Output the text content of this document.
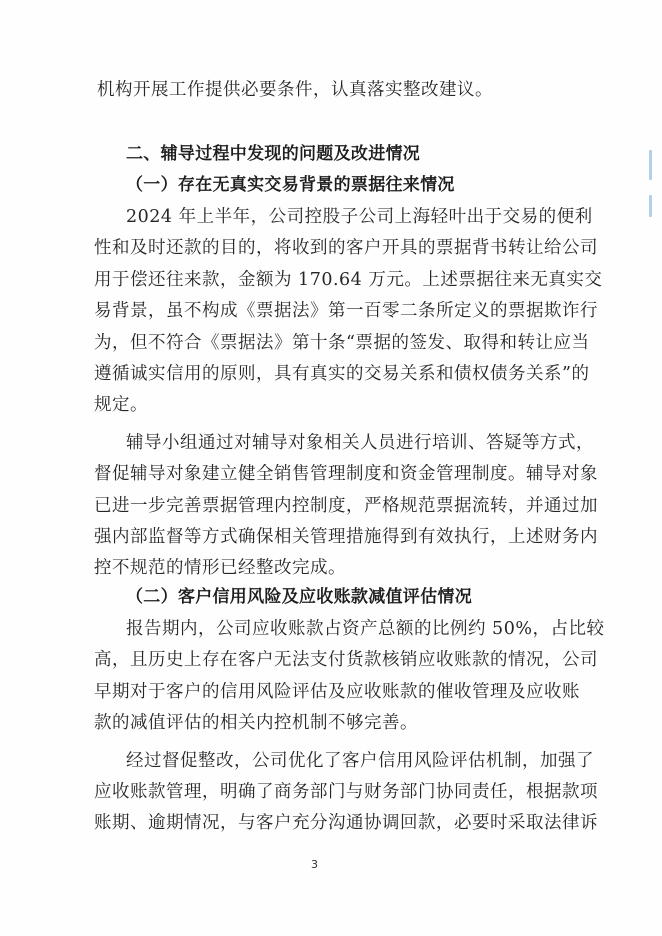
机构开展工作提供必要条件，认真落实整改建议。
二、辅导过程中发现的问题及改进情况
（一）存在无真实交易背景的票据往来情况
2024 年上半年，公司控股子公司上海轻叶出于交易的便利
性和及时还款的目的，将收到的客户开具的票据背书转让给公司
用于偿还往来款，金额为 170.64 万元。上述票据往来无真实交
易背景，虽不构成《票据法》第一百零二条所定义的票据欺诈行
为，但不符合《票据法》第十条“票据的签发、取得和转让应当
遵循诚实信用的原则，具有真实的交易关系和债权债务关系”的
规定。
辅导小组通过对辅导对象相关人员进行培训、答疑等方式，
督促辅导对象建立健全销售管理制度和资金管理制度。辅导对象
已进一步完善票据管理内控制度，严格规范票据流转，并通过加
强内部监督等方式确保相关管理措施得到有效执行，上述财务内
控不规范的情形已经整改完成。
（二）客户信用风险及应收账款减值评估情况
报告期内，公司应收账款占资产总额的比例约 50%，占比较
高，且历史上存在客户无法支付货款核销应收账款的情况，公司
早期对于客户的信用风险评估及应收账款的催收管理及应收账
款的减值评估的相关内控机制不够完善。
经过督促整改，公司优化了客户信用风险评估机制，加强了
应收账款管理，明确了商务部门与财务部门协同责任，根据款项
账期、逾期情况，与客户充分沟通协调回款，必要时采取法律诉
3
